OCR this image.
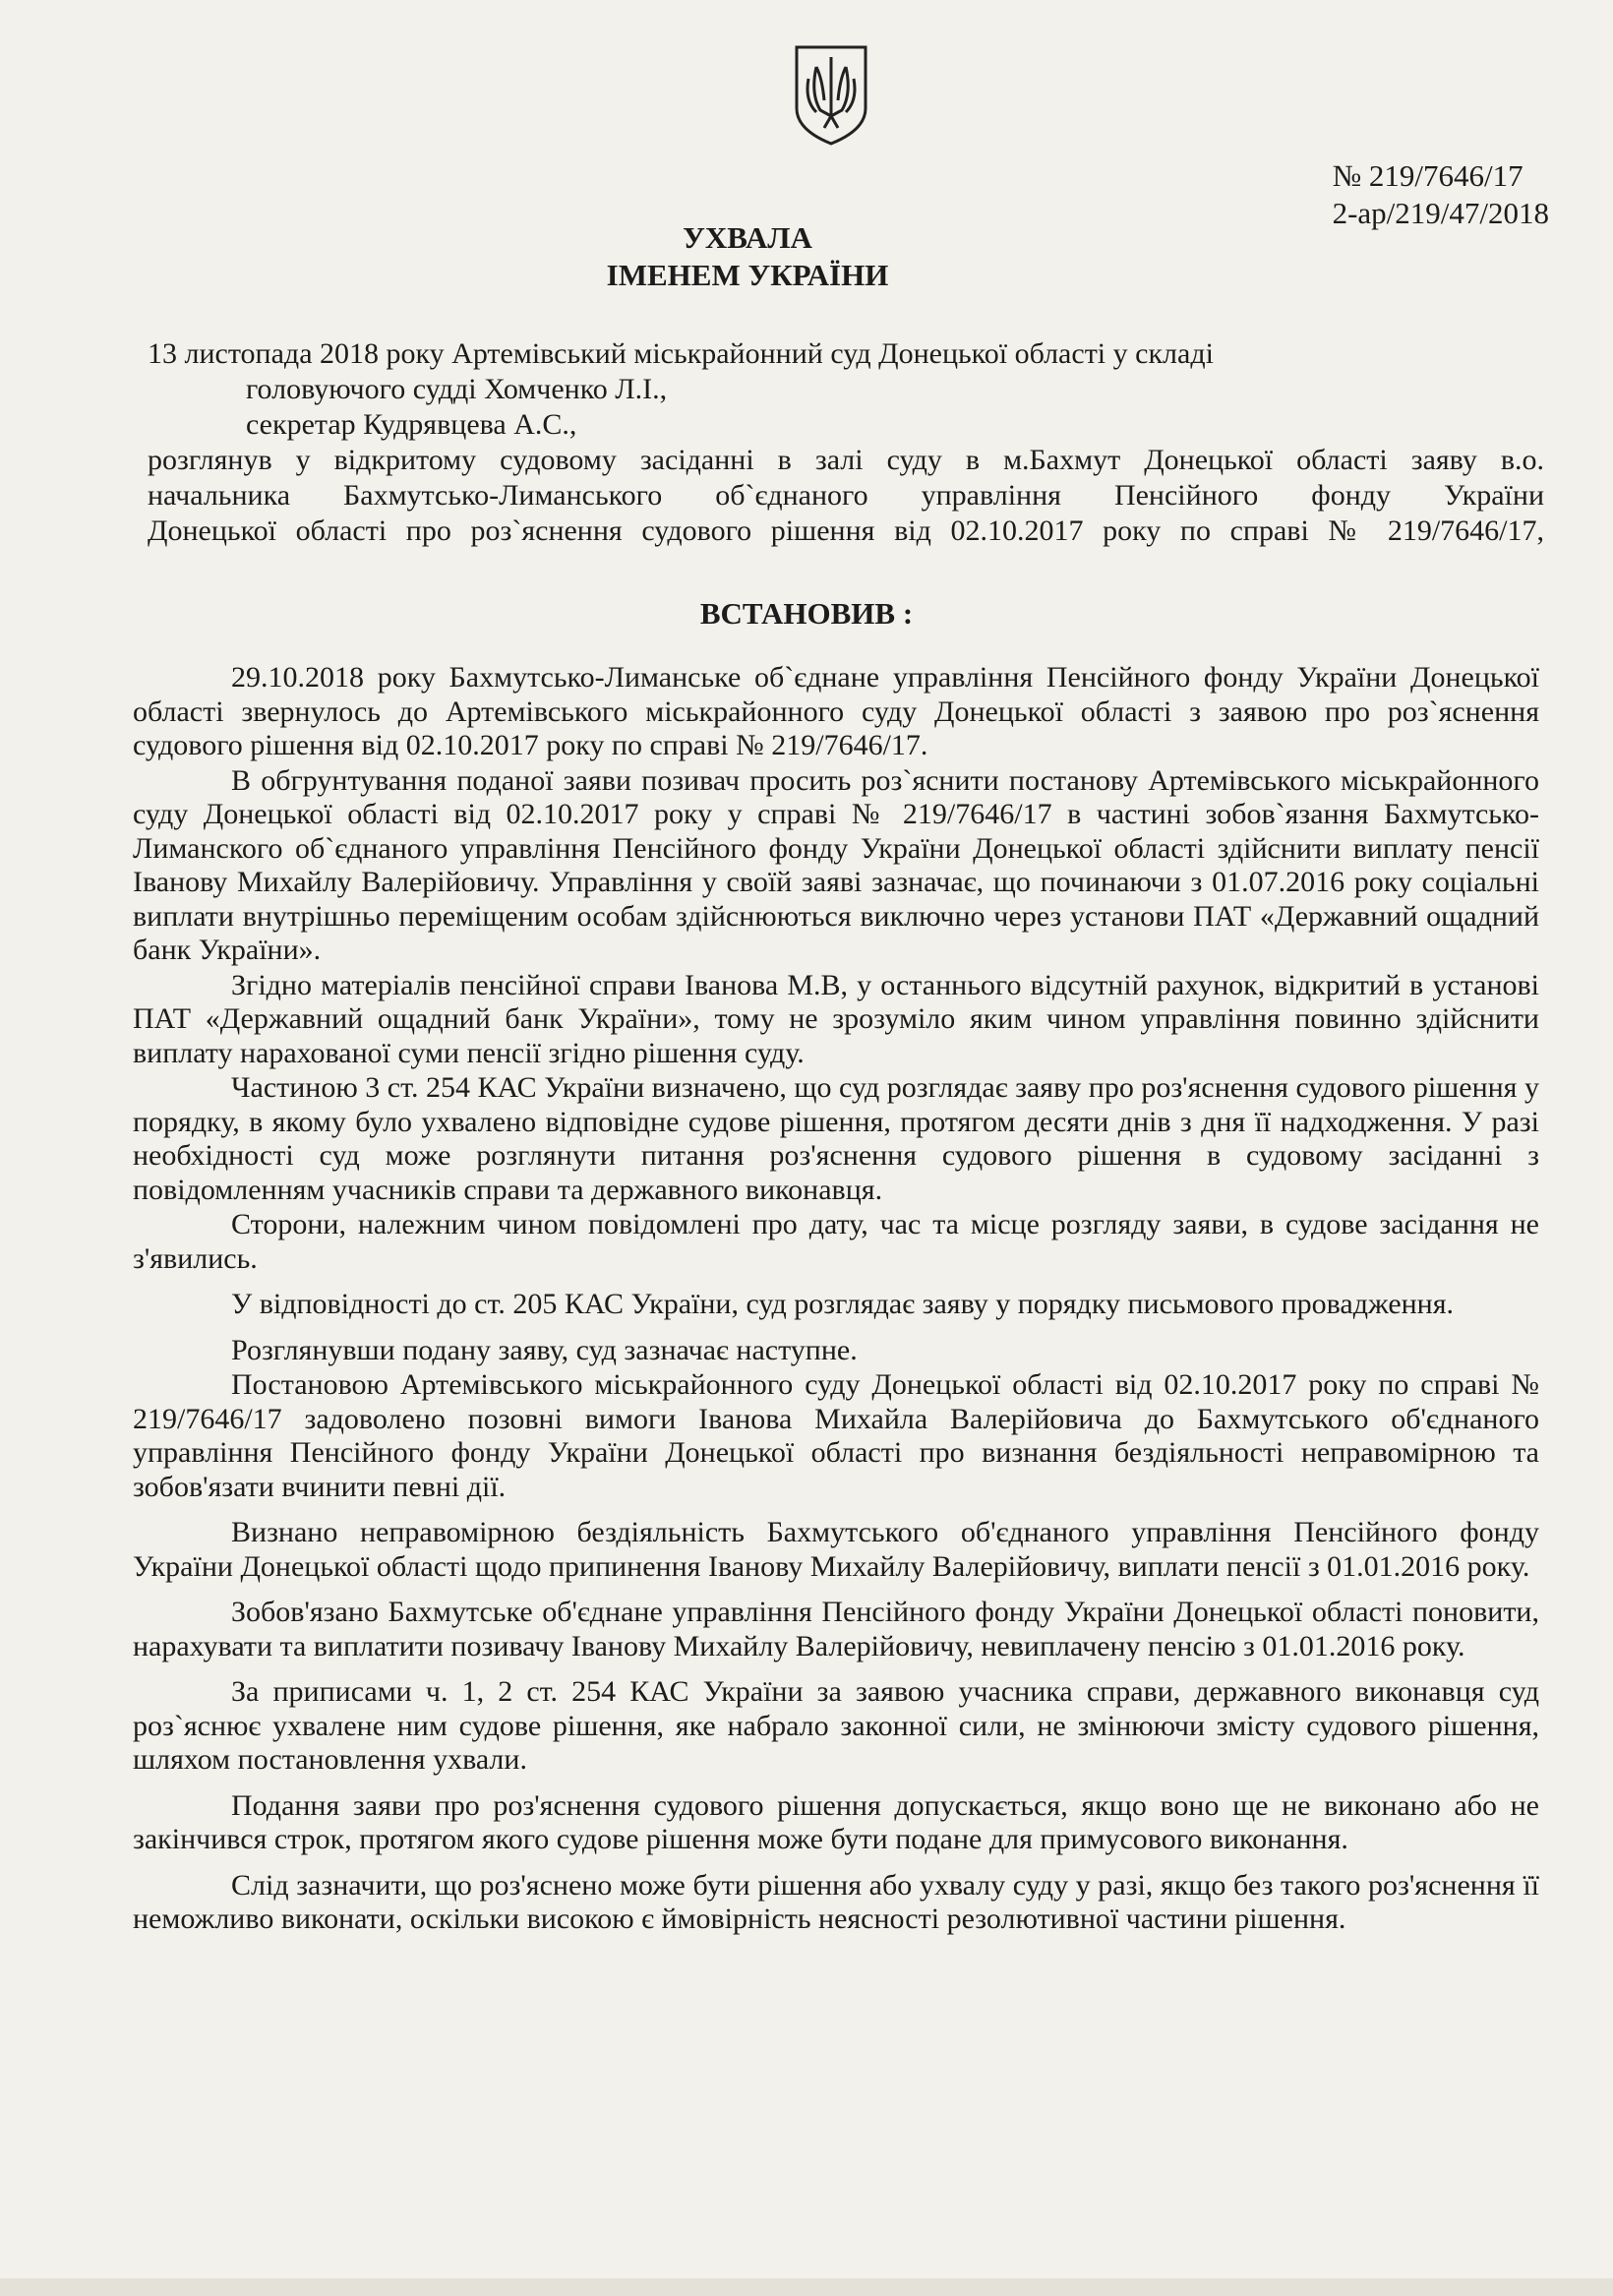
№ 219/7646/17
2-ар/219/47/2018
УХВАЛА
ІМЕНЕМ УКРАЇНИ
13 листопада 2018 року Артемівський міськрайонний суд Донецької області у складі
головуючого судді Хомченко Л.І.,
секретар Кудрявцева А.С.,
розглянув у відкритому судовому засіданні в залі суду в м.Бахмут Донецької області заяву в.о.
начальника Бахмутсько-Лиманського об`єднаного управління Пенсійного фонду України
Донецької області про роз`яснення судового рішення від 02.10.2017 року по справі № 219/7646/17,
ВСТАНОВИВ :

29.10.2018 року Бахмутсько-Лиманське об`єднане управління Пенсійного фонду України Донецької області звернулось до Артемівського міськрайонного суду Донецької області з заявою про роз`яснення судового рішення від 02.10.2017 року по справі № 219/7646/17.

В обгрунтування поданої заяви позивач просить роз`яснити постанову Артемівського міськрайонного суду Донецької області від 02.10.2017 року у справі № 219/7646/17 в частині зобов`язання Бахмутсько-Лиманского об`єднаного управління Пенсійного фонду України Донецької області здійснити виплату пенсії Іванову Михайлу Валерійовичу. Управління у своїй заяві зазначає, що починаючи з 01.07.2016 року соціальні виплати внутрішньо переміщеним особам здійснюються виключно через установи ПАТ «Державний ощадний банк України».

Згідно матеріалів пенсійної справи Іванова М.В, у останнього відсутній рахунок, відкритий в установі ПАТ «Державний ощадний банк України», тому не зрозуміло яким чином управління повинно здійснити виплату нарахованої суми пенсії згідно рішення суду.

Частиною 3 ст. 254 КАС України визначено, що суд розглядає заяву про роз'яснення судового рішення у порядку, в якому було ухвалено відповідне судове рішення, протягом десяти днів з дня її надходження. У разі необхідності суд може розглянути питання роз'яснення судового рішення в судовому засіданні з повідомленням учасників справи та державного виконавця.

Сторони, належним чином повідомлені про дату, час та місце розгляду заяви, в судове засідання не з'явились.

У відповідності до ст. 205 КАС України, суд розглядає заяву у порядку письмового провадження.

Розглянувши подану заяву, суд зазначає наступне.

Постановою Артемівського міськрайонного суду Донецької області від 02.10.2017 року по справі № 219/7646/17 задоволено позовні вимоги Іванова Михайла Валерійовича до Бахмутського об'єднаного управління Пенсійного фонду України Донецької області про визнання бездіяльності неправомірною та зобов'язати вчинити певні дії.

Визнано неправомірною бездіяльність Бахмутського об'єднаного управління Пенсійного фонду України Донецької області щодо припинення Іванову Михайлу Валерійовичу, виплати пенсії з 01.01.2016 року.

Зобов'язано Бахмутське об'єднане управління Пенсійного фонду України Донецької області поновити, нарахувати та виплатити позивачу Іванову Михайлу Валерійовичу, невиплачену пенсію з 01.01.2016 року.

За приписами ч. 1, 2 ст. 254 КАС України за заявою учасника справи, державного виконавця суд роз`яснює ухвалене ним судове рішення, яке набрало законної сили, не змінюючи змісту судового рішення, шляхом постановлення ухвали.

Подання заяви про роз'яснення судового рішення допускається, якщо воно ще не виконано або не закінчився строк, протягом якого судове рішення може бути подане для примусового виконання.

Слід зазначити, що роз'яснено може бути рішення або ухвалу суду у разі, якщо без такого роз'яснення її неможливо виконати, оскільки високою є ймовірність неясності резолютивної частини рішення.
